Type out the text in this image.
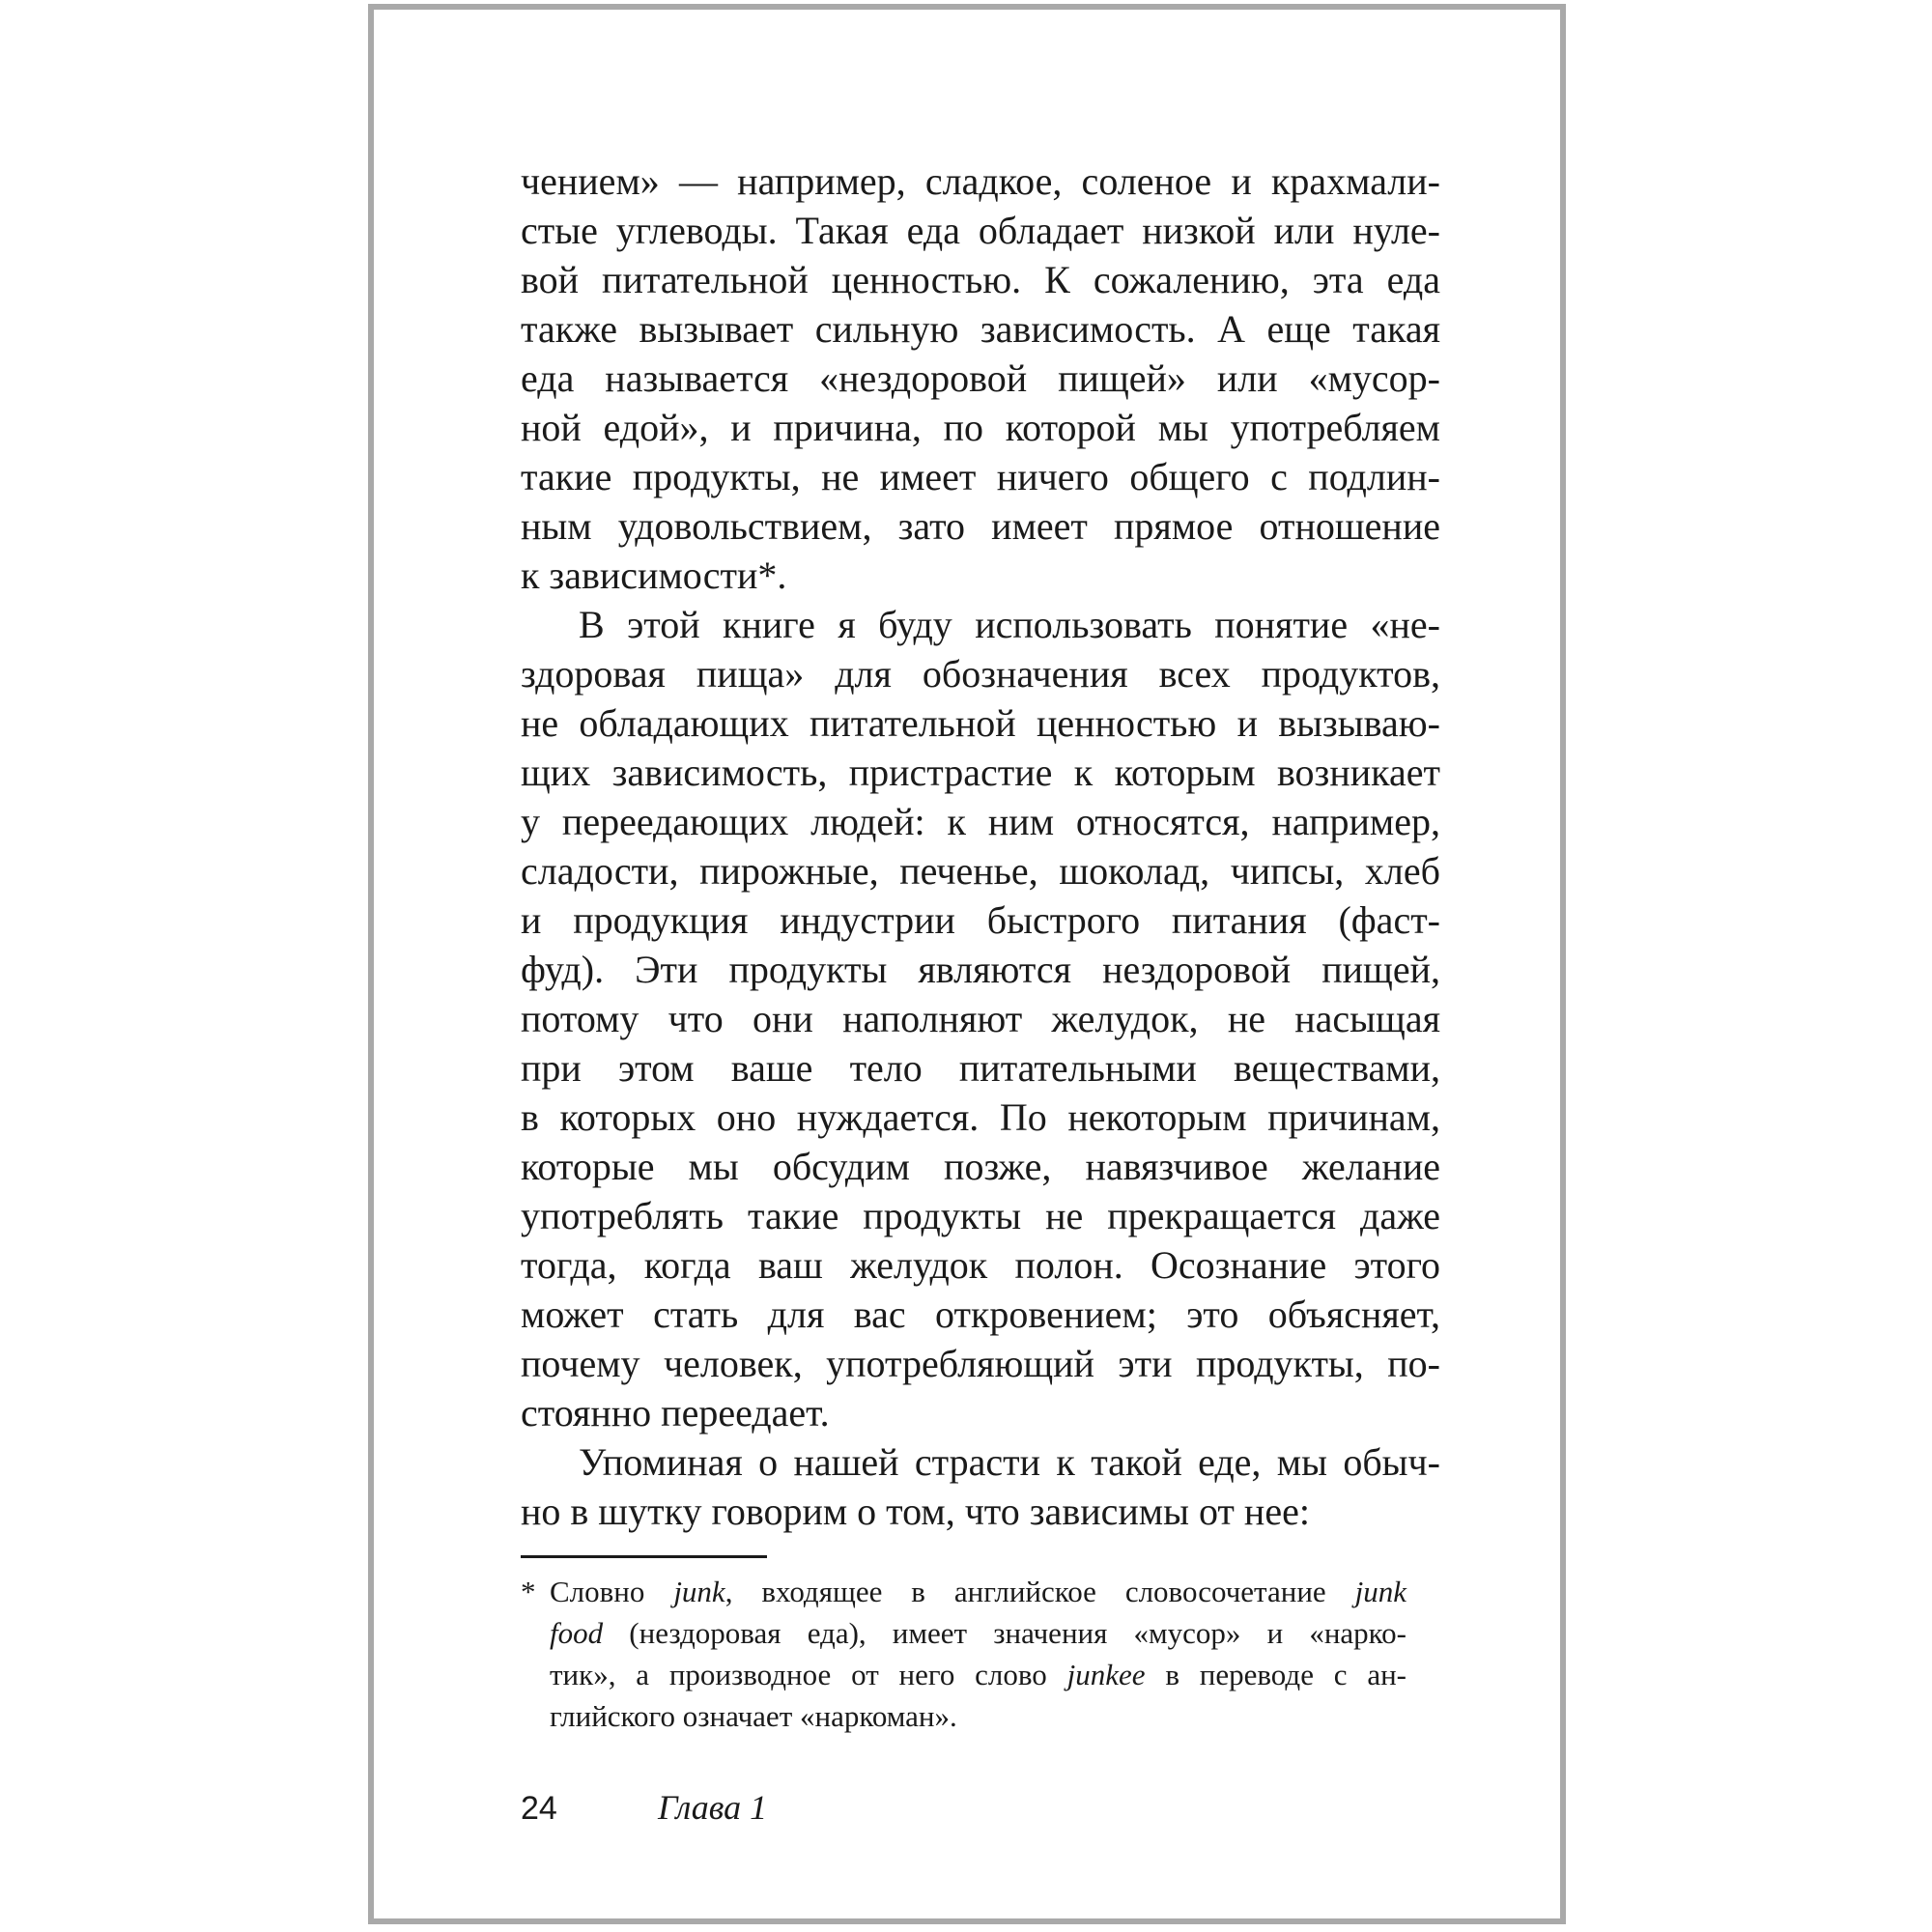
чением» — например, сладкое, соленое и крахмали-
стые углеводы. Такая еда обладает низкой или нуле-
вой питательной ценностью. К сожалению, эта еда
также вызывает сильную зависимость. А еще такая
еда называется «нездоровой пищей» или «мусор-
ной едой», и причина, по которой мы употребляем
такие продукты, не имеет ничего общего с подлин-
ным удовольствием, зато имеет прямое отношение
к зависимости*.
В этой книге я буду использовать понятие «не-
здоровая пища» для обозначения всех продуктов,
не обладающих питательной ценностью и вызываю-
щих зависимость, пристрастие к которым возникает
у переедающих людей: к ним относятся, например,
сладости, пирожные, печенье, шоколад, чипсы, хлеб
и продукция индустрии быстрого питания (фаст-
фуд). Эти продукты являются нездоровой пищей,
потому что они наполняют желудок, не насыщая
при этом ваше тело питательными веществами,
в которых оно нуждается. По некоторым причинам,
которые мы обсудим позже, навязчивое желание
употреблять такие продукты не прекращается даже
тогда, когда ваш желудок полон. Осознание этого
может стать для вас откровением; это объясняет,
почему человек, употребляющий эти продукты, по-
стоянно переедает.
Упоминая о нашей страсти к такой еде, мы обыч-
но в шутку говорим о том, что зависимы от нее:
* Словно junk, входящее в английское словосочетание junk
food (нездоровая еда), имеет значения «мусор» и «нарко-
тик», а производное от него слово junkee в переводе с ан-
глийского означает «наркоман».
24	Глава 1
